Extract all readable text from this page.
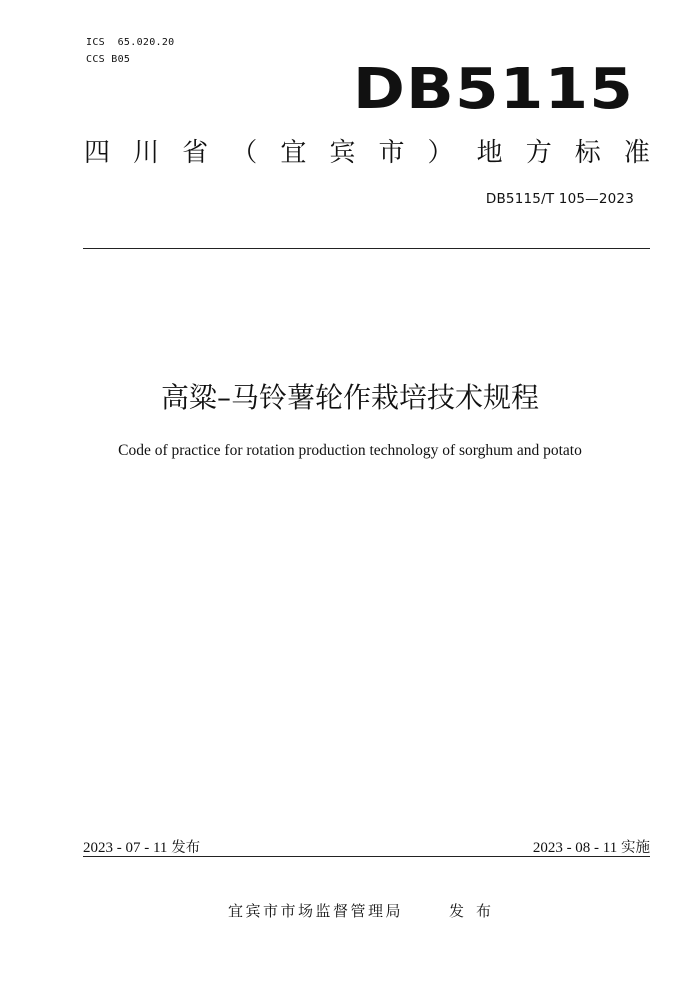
ICS  65.020.20
CCS B05	DB5115
四 川 省 （ 宜 宾 市 ） 地 方 标 准
DB5115/T 105—2023
高粱–马铃薯轮作栽培技术规程
Code of practice for rotation production technology of sorghum and potato
2023 - 07 - 11 发布	2023 - 08 - 11 实施
宜宾市市场监督管理局	发布
